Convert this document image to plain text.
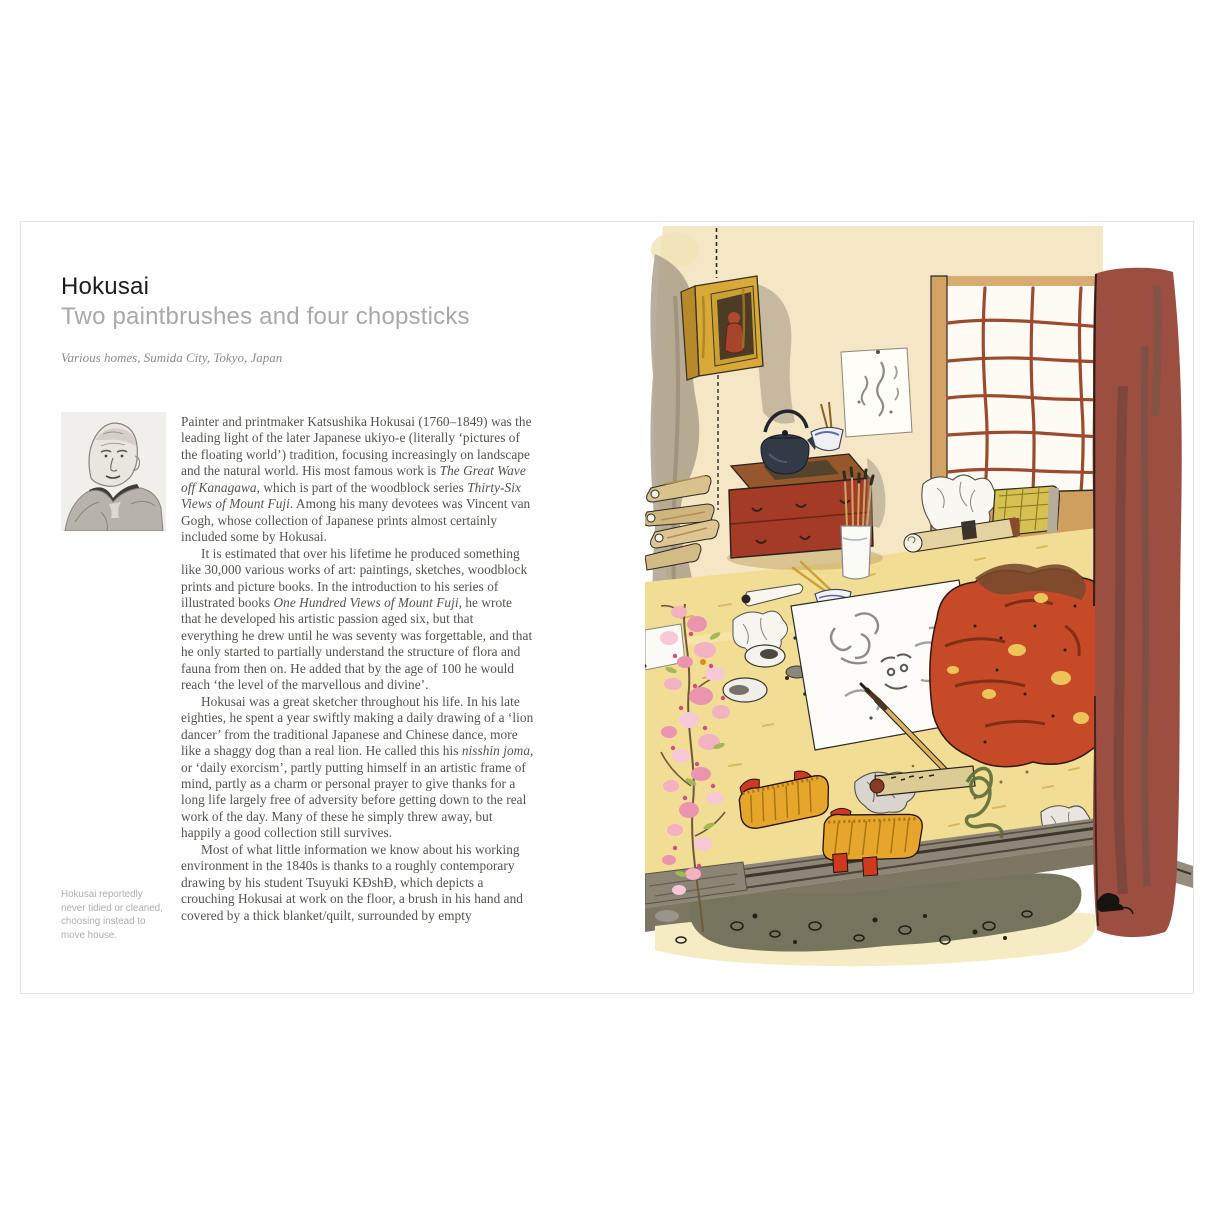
Hokusai
Two paintbrushes and four chopsticks

Various homes, Sumida City, Tokyo, Japan

Painter and printmaker Katsushika Hokusai (1760–1849) was the leading light of the later Japanese ukiyo-e (literally ‘pictures of the floating world’) tradition, focusing increasingly on landscape and the natural world. His most famous work is The Great Wave off Kanagawa, which is part of the woodblock series Thirty-Six Views of Mount Fuji. Among his many devotees was Vincent van Gogh, whose collection of Japanese prints almost certainly included some by Hokusai.

It is estimated that over his lifetime he produced something like 30,000 various works of art: paintings, sketches, woodblock prints and picture books. In the introduction to his series of illustrated books One Hundred Views of Mount Fuji, he wrote that he developed his artistic passion aged six, but that everything he drew until he was seventy was forgettable, and that he only started to partially understand the structure of flora and fauna from then on. He added that by the age of 100 he would reach ‘the level of the marvellous and divine’.

Hokusai was a great sketcher throughout his life. In his late eighties, he spent a year swiftly making a daily drawing of a ‘lion dancer’ from the traditional Japanese and Chinese dance, more like a shaggy dog than a real lion. He called this his nisshin joma, or ‘daily exorcism’, partly putting himself in an artistic frame of mind, partly as a charm or personal prayer to give thanks for a long life largely free of adversity before getting down to the real work of the day. Many of these he simply threw away, but happily a good collection still survives.

Most of what little information we know about his working environment in the 1840s is thanks to a roughly contemporary drawing by his student Tsuyuki KĐshĐ, which depicts a crouching Hokusai at work on the floor, a brush in his hand and covered by a thick blanket/quilt, surrounded by empty

Hokusai reportedly never tidied or cleaned, choosing instead to move house.
